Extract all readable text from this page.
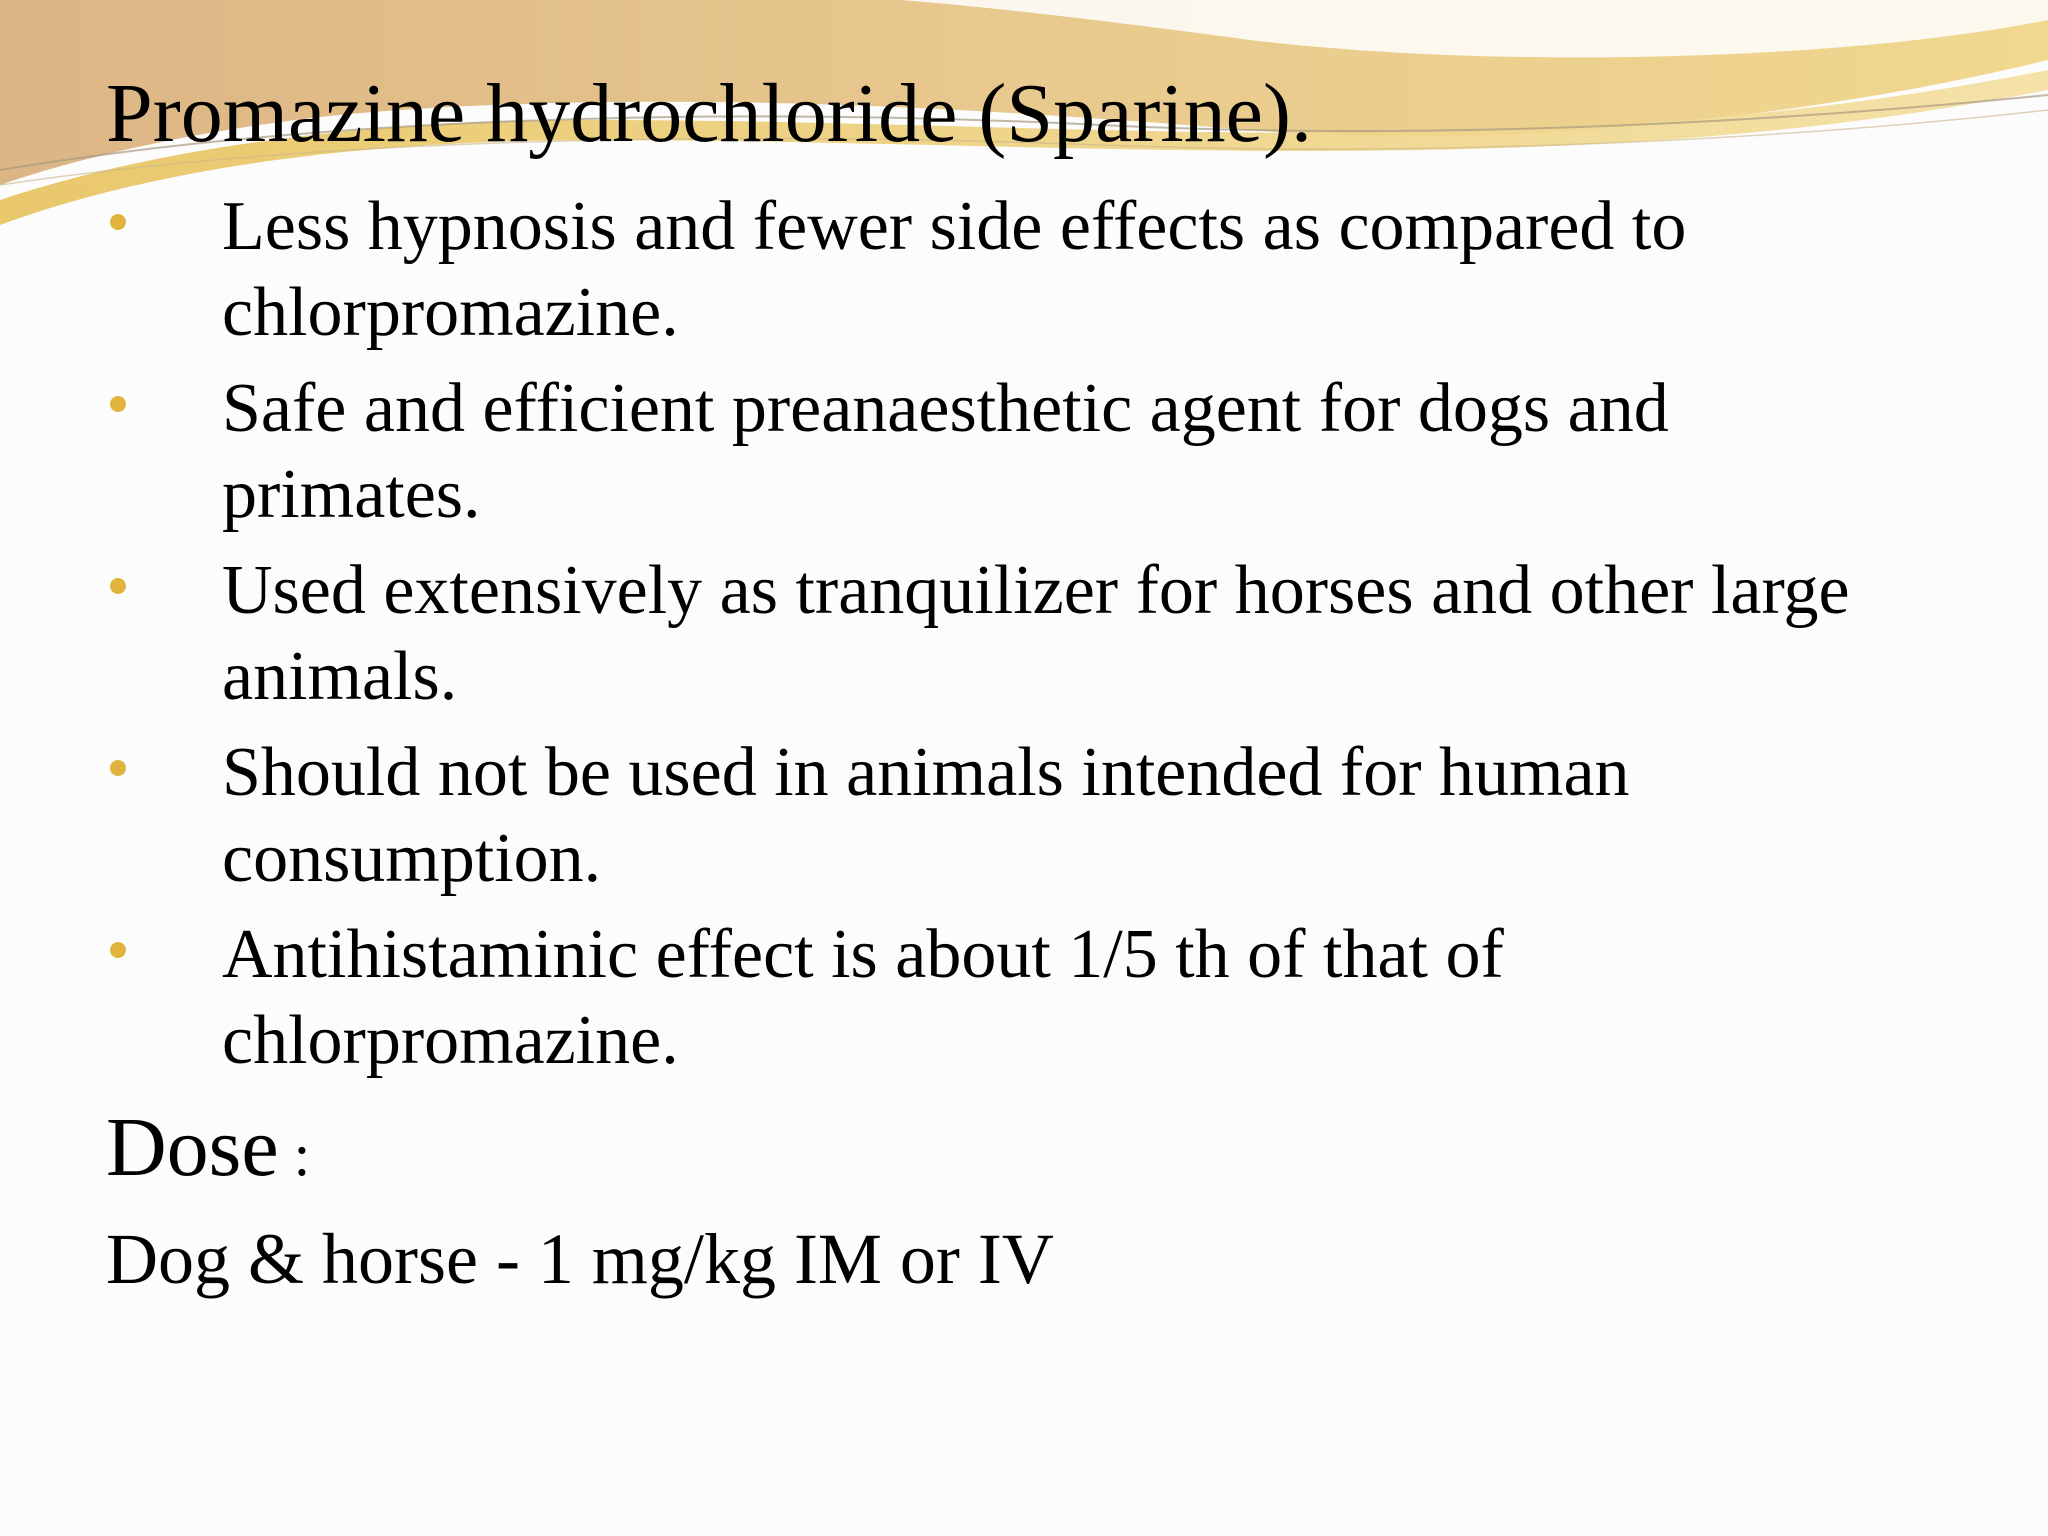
Promazine hydrochloride (Sparine).
Less hypnosis and fewer side effects as compared to chlorpromazine.
Safe and efficient preanaesthetic agent for dogs and primates.
Used extensively as tranquilizer for horses and other large animals.
Should not be used in animals intended for human consumption.
Antihistaminic effect is about 1/5 th of that of chlorpromazine.
Dose :
Dog & horse - 1 mg/kg IM or IV
